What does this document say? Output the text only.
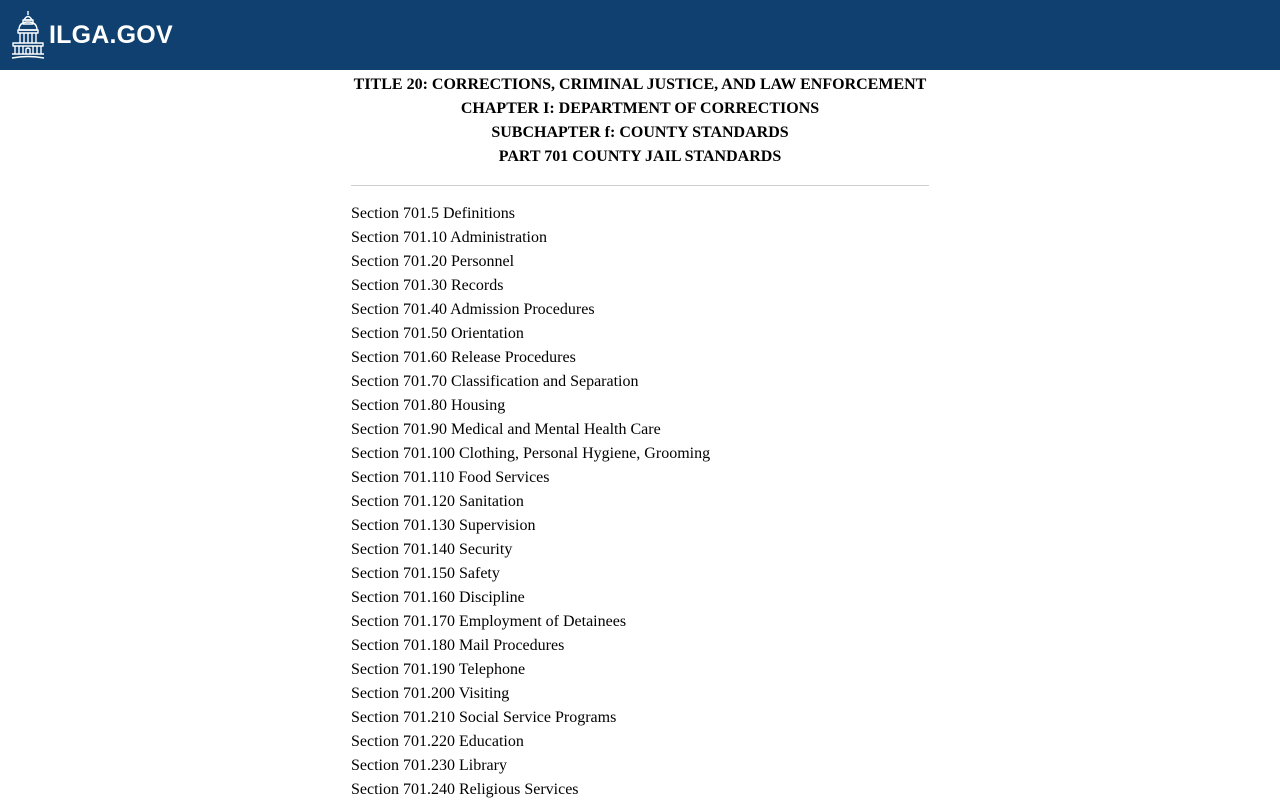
ILGA.GOV
TITLE 20: CORRECTIONS, CRIMINAL JUSTICE, AND LAW ENFORCEMENT
CHAPTER I: DEPARTMENT OF CORRECTIONS
SUBCHAPTER f: COUNTY STANDARDS
PART 701 COUNTY JAIL STANDARDS
Section 701.5 Definitions
Section 701.10 Administration
Section 701.20 Personnel
Section 701.30 Records
Section 701.40 Admission Procedures
Section 701.50 Orientation
Section 701.60 Release Procedures
Section 701.70 Classification and Separation
Section 701.80 Housing
Section 701.90 Medical and Mental Health Care
Section 701.100 Clothing, Personal Hygiene, Grooming
Section 701.110 Food Services
Section 701.120 Sanitation
Section 701.130 Supervision
Section 701.140 Security
Section 701.150 Safety
Section 701.160 Discipline
Section 701.170 Employment of Detainees
Section 701.180 Mail Procedures
Section 701.190 Telephone
Section 701.200 Visiting
Section 701.210 Social Service Programs
Section 701.220 Education
Section 701.230 Library
Section 701.240 Religious Services
